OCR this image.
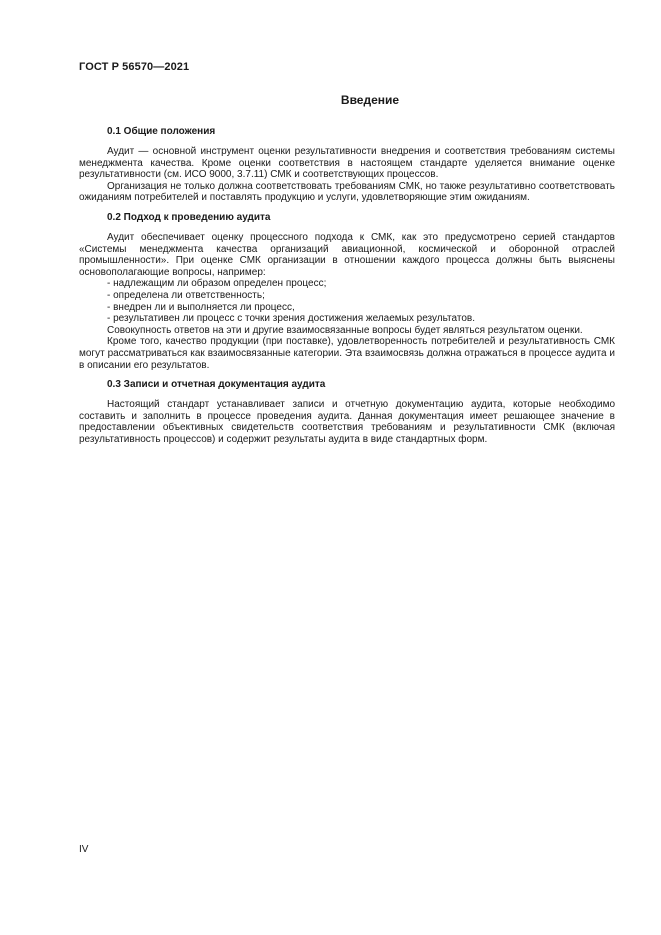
ГОСТ Р 56570—2021
Введение

0.1 Общие положения

Аудит — основной инструмент оценки результативности внедрения и соответствия требованиям системы менеджмента качества. Кроме оценки соответствия в настоящем стандарте уделяется внимание оценке результативности (см. ИСО 9000, 3.7.11) СМК и соответствующих процессов.

Организация не только должна соответствовать требованиям СМК, но также результативно соответствовать ожиданиям потребителей и поставлять продукцию и услуги, удовлетворяющие этим ожиданиям.

0.2 Подход к проведению аудита

Аудит обеспечивает оценку процессного подхода к СМК, как это предусмотрено серией стандартов «Системы менеджмента качества организаций авиационной, космической и оборонной отраслей промышленности». При оценке СМК организации в отношении каждого процесса должны быть выяснены основополагающие вопросы, например:

- надлежащим ли образом определен процесс;

- определена ли ответственность;

- внедрен ли и выполняется ли процесс,

- результативен ли процесс с точки зрения достижения желаемых результатов.

Совокупность ответов на эти и другие взаимосвязанные вопросы будет являться результатом оценки.

Кроме того, качество продукции (при поставке), удовлетворенность потребителей и результативность СМК могут рассматриваться как взаимосвязанные категории. Эта взаимосвязь должна отражаться в процессе аудита и в описании его результатов.

0.3 Записи и отчетная документация аудита

Настоящий стандарт устанавливает записи и отчетную документацию аудита, которые необходимо составить и заполнить в процессе проведения аудита. Данная документация имеет решающее значение в предоставлении объективных свидетельств соответствия требованиям и результативности СМК (включая результативность процессов) и содержит результаты аудита в виде стандартных форм.

IV
